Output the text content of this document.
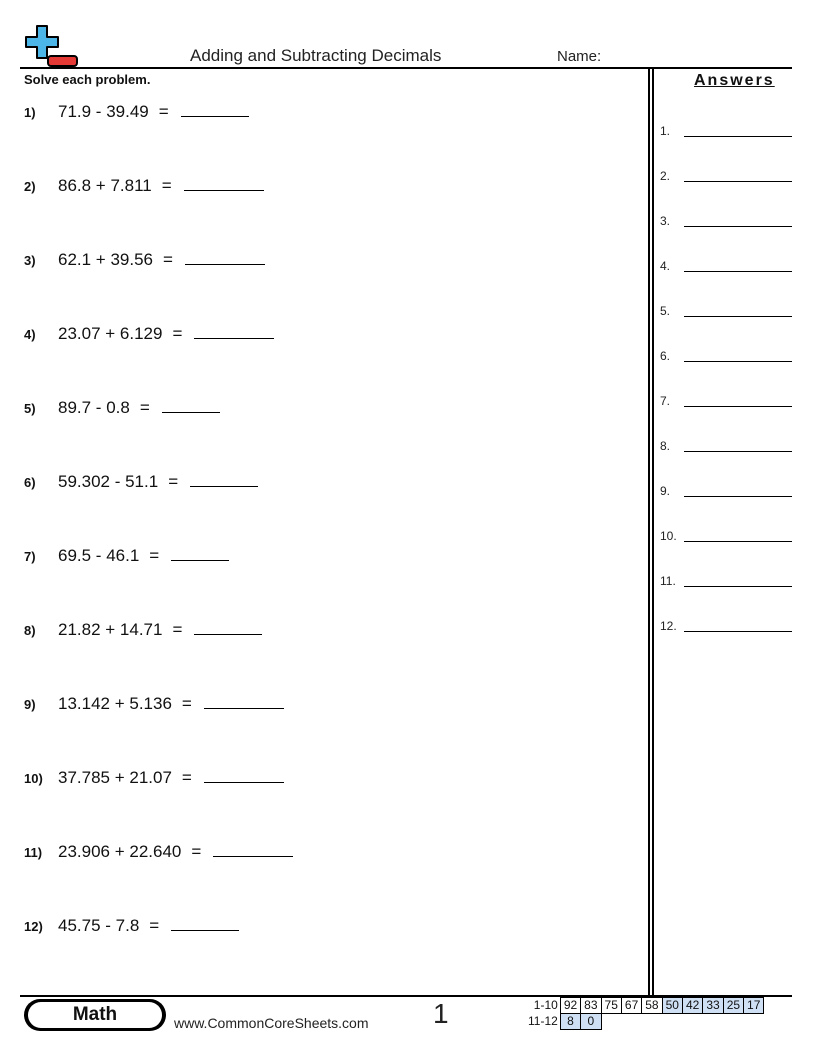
Adding and Subtracting Decimals	Name:
Solve each problem.
1)	71.9 - 39.49 =
2)	86.8 + 7.811 =
3)	62.1 + 39.56 =
4)	23.07 + 6.129 =
5)	89.7 - 0.8 =
6)	59.302 - 51.1 =
7)	69.5 - 46.1 =
8)	21.82 + 14.71 =
9)	13.142 + 5.136 =
10) 37.785 + 21.07 =
11) 23.906 + 22.640 =
12) 45.75 - 7.8 =
Answers
1.
2.
3.
4.
5.
6.
7.
8.
9.
10.
11.
12.
Math	www.CommonCoreSheets.com 1	1-10	92	83	75	67	58	50	42	33	25	17
11-12	8	0								
